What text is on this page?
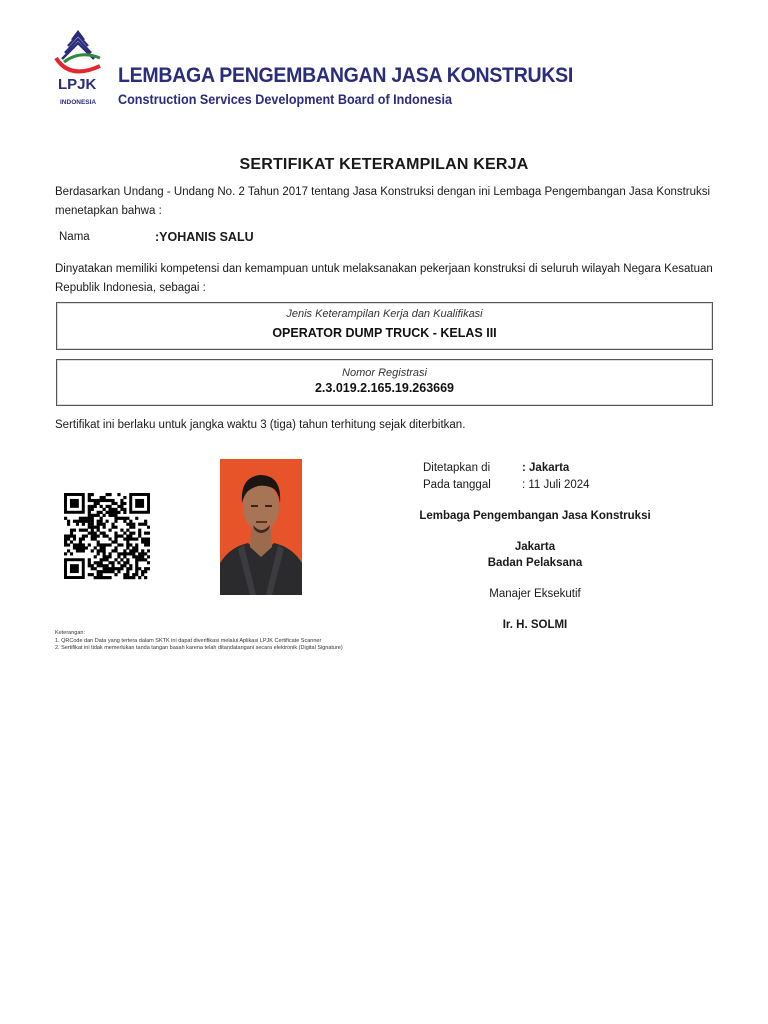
LPJK
INDONESIA
LEMBAGA PENGEMBANGAN JASA KONSTRUKSI
Construction Services Development Board of Indonesia
SERTIFIKAT KETERAMPILAN KERJA
Berdasarkan Undang - Undang No. 2 Tahun 2017 tentang Jasa Konstruksi dengan ini Lembaga Pengembangan Jasa Konstruksi menetapkan bahwa :
Nama	:YOHANIS SALU
Dinyatakan memiliki kompetensi dan kemampuan untuk melaksanakan pekerjaan konstruksi di seluruh wilayah Negara Kesatuan Republik Indonesia, sebagai :
Jenis Keterampilan Kerja dan Kualifikasi
OPERATOR DUMP TRUCK - KELAS III
Nomor Registrasi
2.3.019.2.165.19.263669
Sertifikat ini berlaku untuk jangka waktu 3 (tiga) tahun terhitung sejak diterbitkan.
Ditetapkan di	: Jakarta
Pada tanggal	: 11 Juli 2024
Lembaga Pengembangan Jasa Konstruksi
Jakarta
Badan Pelaksana
Manajer Eksekutif
Ir. H. SOLMI
Keterangan:
1. QRCode dan Data yang tertera dalam SKTK ini dapat diverifikasi melalui Aplikasi LPJK Certificate Scanner
2. Sertifikat ini tidak memerlukan tanda tangan basah karena telah ditandatangani secara elektronik (Digital Signature)
